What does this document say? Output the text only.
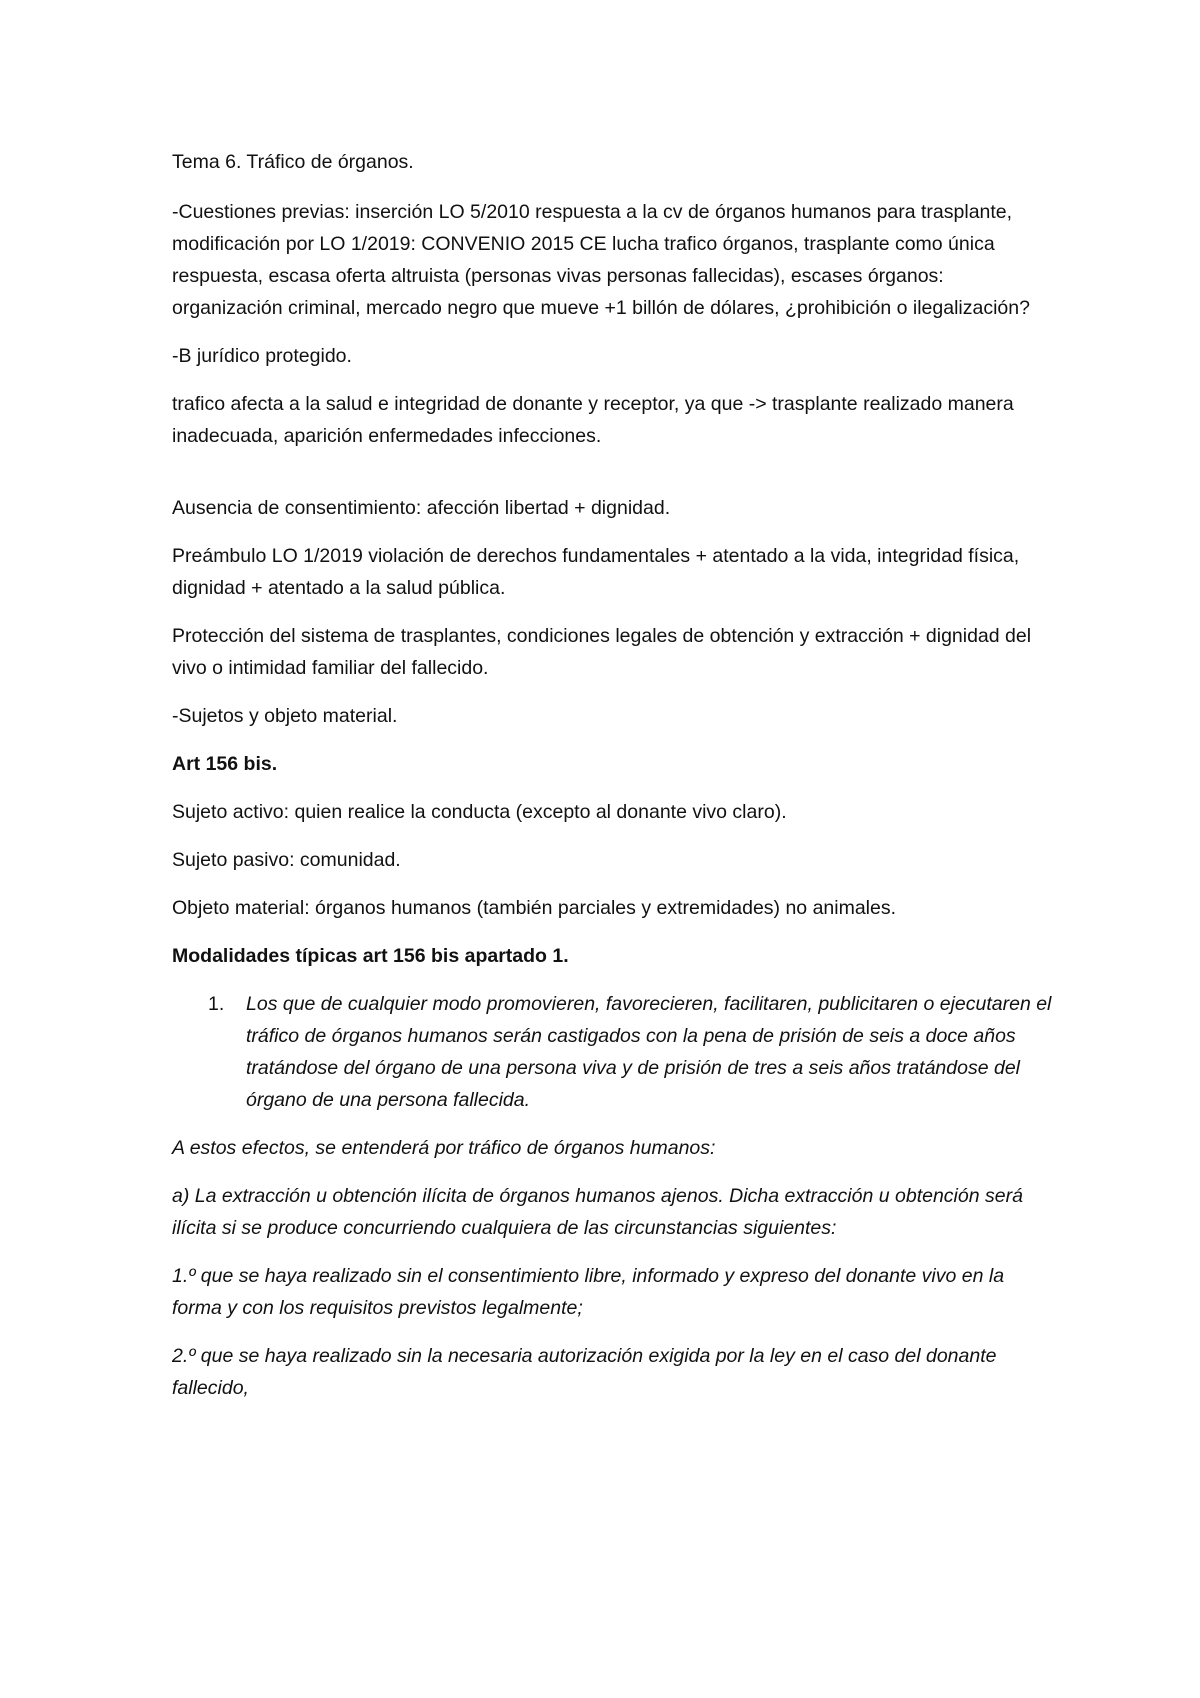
Tema 6. Tráfico de órganos.

-Cuestiones previas: inserción LO 5/2010 respuesta a la cv de órganos humanos para trasplante, modificación por LO 1/2019: CONVENIO 2015 CE lucha trafico órganos, trasplante como única respuesta, escasa oferta altruista (personas vivas personas fallecidas), escases órganos: organización criminal, mercado negro que mueve +1 billón de dólares, ¿prohibición o ilegalización?

-B jurídico protegido.

trafico afecta a la salud e integridad de donante y receptor, ya que -> trasplante realizado manera inadecuada, aparición enfermedades infecciones.

Ausencia de consentimiento: afección libertad + dignidad.

Preámbulo LO 1/2019 violación de derechos fundamentales + atentado a la vida, integridad física, dignidad + atentado a la salud pública.

Protección del sistema de trasplantes, condiciones legales de obtención y extracción + dignidad del vivo o intimidad familiar del fallecido.

-Sujetos y objeto material.

Art 156 bis.

Sujeto activo: quien realice la conducta (excepto al donante vivo claro).

Sujeto pasivo: comunidad.

Objeto material: órganos humanos (también parciales y extremidades) no animales.

Modalidades típicas art 156 bis apartado 1.

1. Los que de cualquier modo promovieren, favorecieren, facilitaren, publicitaren o ejecutaren el tráfico de órganos humanos serán castigados con la pena de prisión de seis a doce años tratándose del órgano de una persona viva y de prisión de tres a seis años tratándose del órgano de una persona fallecida.

A estos efectos, se entenderá por tráfico de órganos humanos:

a) La extracción u obtención ilícita de órganos humanos ajenos. Dicha extracción u obtención será ilícita si se produce concurriendo cualquiera de las circunstancias siguientes:

1.º que se haya realizado sin el consentimiento libre, informado y expreso del donante vivo en la forma y con los requisitos previstos legalmente;

2.º que se haya realizado sin la necesaria autorización exigida por la ley en el caso del donante fallecido,
